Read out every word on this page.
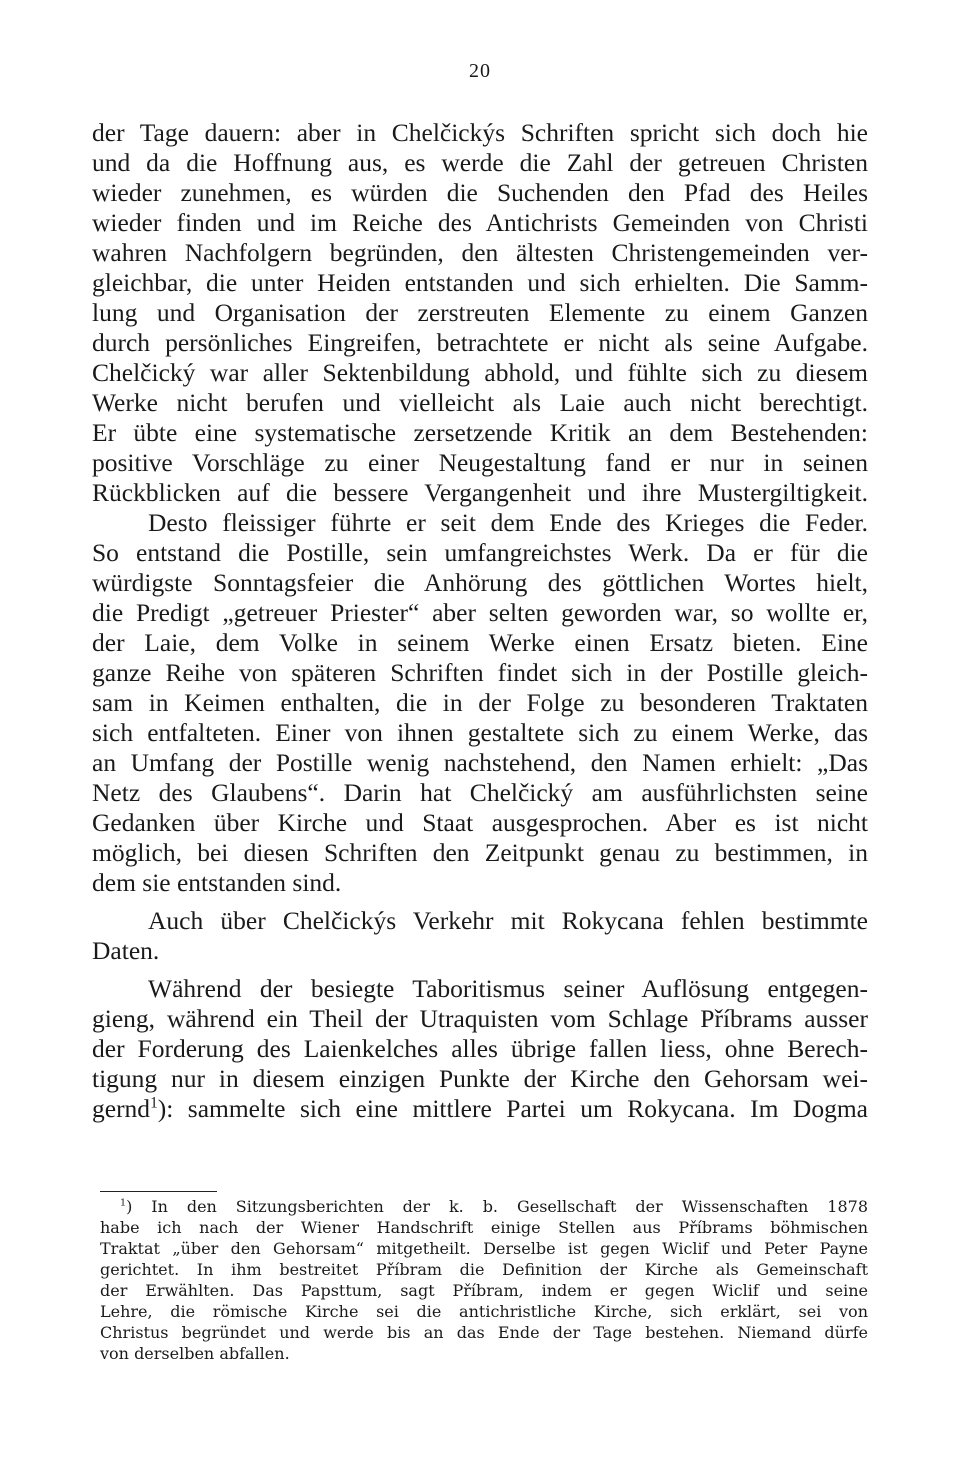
20
der Tage dauern: aber in Chelčickýs Schriften spricht sich doch hie
und da die Hoffnung aus, es werde die Zahl der getreuen Christen
wieder zunehmen, es würden die Suchenden den Pfad des Heiles
wieder finden und im Reiche des Antichrists Gemeinden von Christi
wahren Nachfolgern begründen, den ältesten Christengemeinden ver-
gleichbar, die unter Heiden entstanden und sich erhielten. Die Samm-
lung und Organisation der zerstreuten Elemente zu einem Ganzen
durch persönliches Eingreifen, betrachtete er nicht als seine Aufgabe.
Chelčický war aller Sektenbildung abhold, und fühlte sich zu diesem
Werke nicht berufen und vielleicht als Laie auch nicht berechtigt.
Er übte eine systematische zersetzende Kritik an dem Bestehenden:
positive Vorschläge zu einer Neugestaltung fand er nur in seinen
Rückblicken auf die bessere Vergangenheit und ihre Mustergiltigkeit.
Desto fleissiger führte er seit dem Ende des Krieges die Feder.
So entstand die Postille, sein umfangreichstes Werk. Da er für die
würdigste Sonntagsfeier die Anhörung des göttlichen Wortes hielt,
die Predigt „getreuer Priester“ aber selten geworden war, so wollte er,
der Laie, dem Volke in seinem Werke einen Ersatz bieten. Eine
ganze Reihe von späteren Schriften findet sich in der Postille gleich-
sam in Keimen enthalten, die in der Folge zu besonderen Traktaten
sich entfalteten. Einer von ihnen gestaltete sich zu einem Werke, das
an Umfang der Postille wenig nachstehend, den Namen erhielt: „Das
Netz des Glaubens“. Darin hat Chelčický am ausführlichsten seine
Gedanken über Kirche und Staat ausgesprochen. Aber es ist nicht
möglich, bei diesen Schriften den Zeitpunkt genau zu bestimmen, in
dem sie entstanden sind.
Auch über Chelčickýs Verkehr mit Rokycana fehlen bestimmte
Daten.
Während der besiegte Taboritismus seiner Auflösung entgegen-
gieng, während ein Theil der Utraquisten vom Schlage Příbrams ausser
der Forderung des Laienkelches alles übrige fallen liess, ohne Berech-
tigung nur in diesem einzigen Punkte der Kirche den Gehorsam wei-
gernd$^1$): sammelte sich eine mittlere Partei um Rokycana. Im Dogma
$^1$) In den Sitzungsberichten der k. b. Gesellschaft der Wissenschaften 1878
habe ich nach der Wiener Handschrift einige Stellen aus Příbrams böhmischen
Traktat „über den Gehorsam“ mitgetheilt. Derselbe ist gegen Wiclif und Peter Payne
gerichtet. In ihm bestreitet Příbram die Definition der Kirche als Gemeinschaft
der Erwählten. Das Papsttum, sagt Příbram, indem er gegen Wiclif und seine
Lehre, die römische Kirche sei die antichristliche Kirche, sich erklärt, sei von
Christus begründet und werde bis an das Ende der Tage bestehen. Niemand dürfe
von derselben abfallen.
